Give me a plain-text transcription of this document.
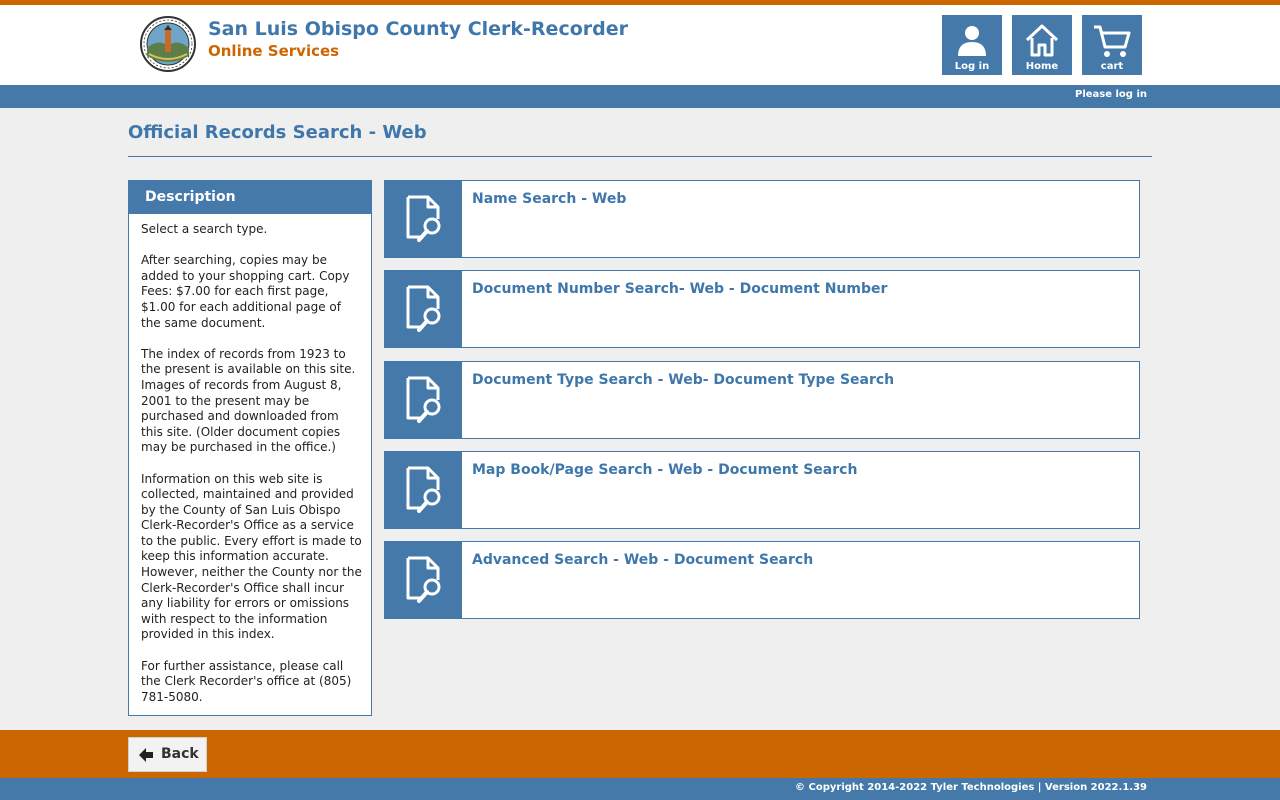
San Luis Obispo County Clerk-Recorder
Online Services
Log in	Home	cart
Please log in
Official Records Search - Web
Description

Select a search type.

After searching, copies may be added to your shopping cart. Copy Fees: $7.00 for each first page, $1.00 for each additional page of the same document.

The index of records from 1923 to the present is available on this site. Images of records from August 8, 2001 to the present may be purchased and downloaded from this site. (Older document copies may be purchased in the office.)

Information on this web site is collected, maintained and provided by the County of San Luis Obispo Clerk-Recorder's Office as a service to the public. Every effort is made to keep this information accurate. However, neither the County nor the Clerk-Recorder's Office shall incur any liability for errors or omissions with respect to the information provided in this index.

For further assistance, please call the Clerk Recorder's office at (805) 781-5080.

Name Search - Web
Document Number Search- Web - Document Number
Document Type Search - Web- Document Type Search
Map Book/Page Search - Web - Document Search
Advanced Search - Web - Document Search
Back
© Copyright 2014-2022 Tyler Technologies | Version 2022.1.39
